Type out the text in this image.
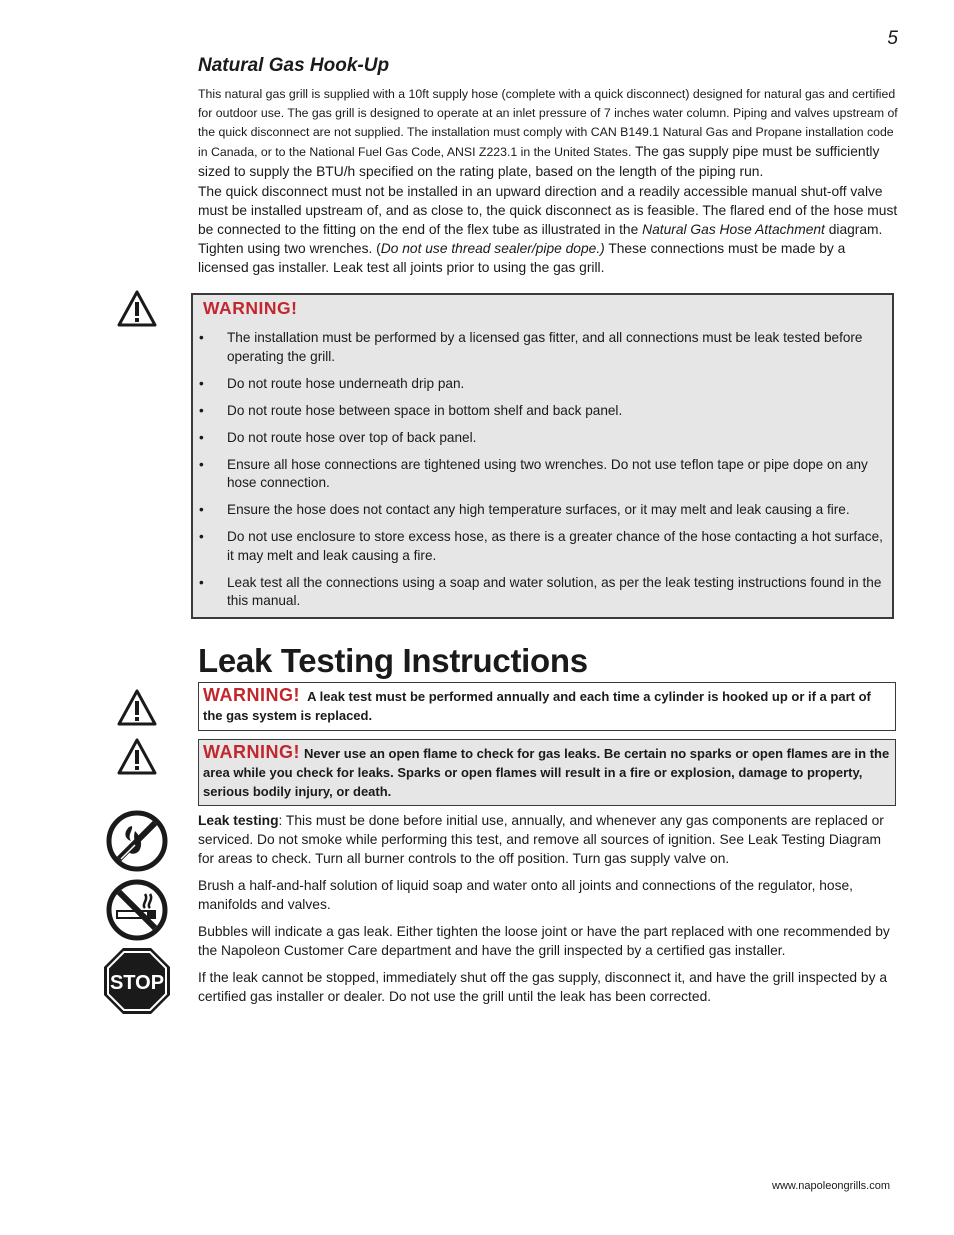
5
Natural Gas Hook-Up

This natural gas grill is supplied with a 10ft supply hose (complete with a quick disconnect) designed for natural gas and certified for outdoor use. The gas grill is designed to operate at an inlet pressure of 7 inches water column. Piping and valves upstream of the quick disconnect are not supplied. The installation must comply with CAN B149.1 Natural Gas and Propane installation code in Canada, or to the National Fuel Gas Code, ANSI Z223.1 in the United States. The gas supply pipe must be sufficiently sized to supply the BTU/h specified on the rating plate, based on the length of the piping run.

The quick disconnect must not be installed in an upward direction and a readily accessible manual shut-off valve must be installed upstream of, and as close to, the quick disconnect as is feasible. The flared end of the hose must be connected to the fitting on the end of the flex tube as illustrated in the Natural Gas Hose Attachment diagram. Tighten using two wrenches. (Do not use thread sealer/pipe dope.) These connections must be made by a licensed gas installer. Leak test all joints prior to using the gas grill.

WARNING!
• The installation must be performed by a licensed gas fitter, and all connections must be leak tested before operating the grill.
• Do not route hose underneath drip pan.
• Do not route hose between space in bottom shelf and back panel.
• Do not route hose over top of back panel.
• Ensure all hose connections are tightened using two wrenches. Do not use teflon tape or pipe dope on any hose connection.
• Ensure the hose does not contact any high temperature surfaces, or it may melt and leak causing a fire.
• Do not use enclosure to store excess hose, as there is a greater chance of the hose contacting a hot surface, it may melt and leak causing a fire.
• Leak test all the connections using a soap and water solution, as per the leak testing instructions found in the this manual.
Leak Testing Instructions
WARNING! A leak test must be performed annually and each time a cylinder is hooked up or if a part of the gas system is replaced.
WARNING! Never use an open flame to check for gas leaks. Be certain no sparks or open flames are in the area while you check for leaks. Sparks or open flames will result in a fire or explosion, damage to property, serious bodily injury, or death.
STOP

Leak testing: This must be done before initial use, annually, and whenever any gas components are replaced or serviced. Do not smoke while performing this test, and remove all sources of ignition. See Leak Testing Diagram for areas to check. Turn all burner controls to the off position. Turn gas supply valve on.

Brush a half-and-half solution of liquid soap and water onto all joints and connections of the regulator, hose, manifolds and valves.

Bubbles will indicate a gas leak. Either tighten the loose joint or have the part replaced with one recommended by the Napoleon Customer Care department and have the grill inspected by a certified gas installer.

If the leak cannot be stopped, immediately shut off the gas supply, disconnect it, and have the grill inspected by a certified gas installer or dealer. Do not use the grill until the leak has been corrected.

www.napoleongrills.com
